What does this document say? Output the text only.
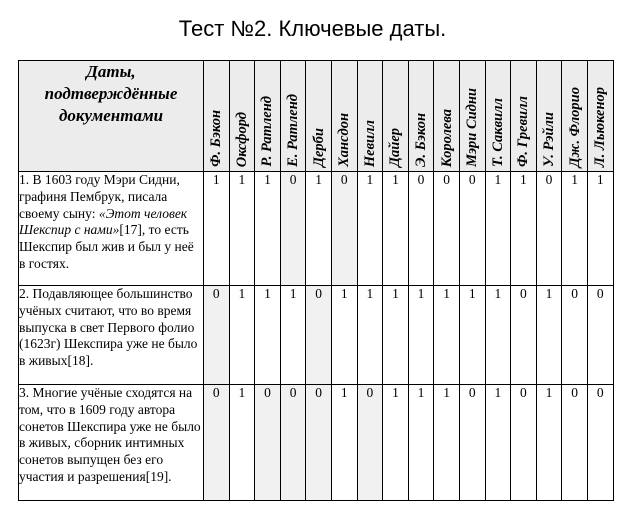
Тест №2. Ключевые даты.
Даты,
подтверждённые
документами	Ф. Бэкон	Оксфорд	Р. Ратленд	Е. Ратленд	Дерби	Хансдон	Невилл	Дайер	Э. Бэкон	Королева	Мэри Сидни	Т. Саквилл	Ф. Гревилл	У. Рэйли	Дж. Флорио	Л. Льюкенор

1. В 1603 году Мэри Сидни, графиня Пембрук, писала своему сыну: «Этот человек Шекспир с нами»[17], то есть Шекспир был жив и был у неё в гостях.	1	1	1	0	1	0	1	1	0	0	0	1	1	0	1	1
2. Подавляющее большинство учёных считают, что во время выпуска в свет Первого фолио (1623г) Шекспира уже не было в живых[18].	0	1	1	1	0	1	1	1	1	1	1	1	0	1	0	0
3. Многие учёные сходятся на том, что в 1609 году автора сонетов Шекспира уже не было в живых, сборник интимных сонетов выпущен без его участия и разрешения[19].	0	1	0	0	0	1	0	1	1	1	0	1	0	1	0	0
